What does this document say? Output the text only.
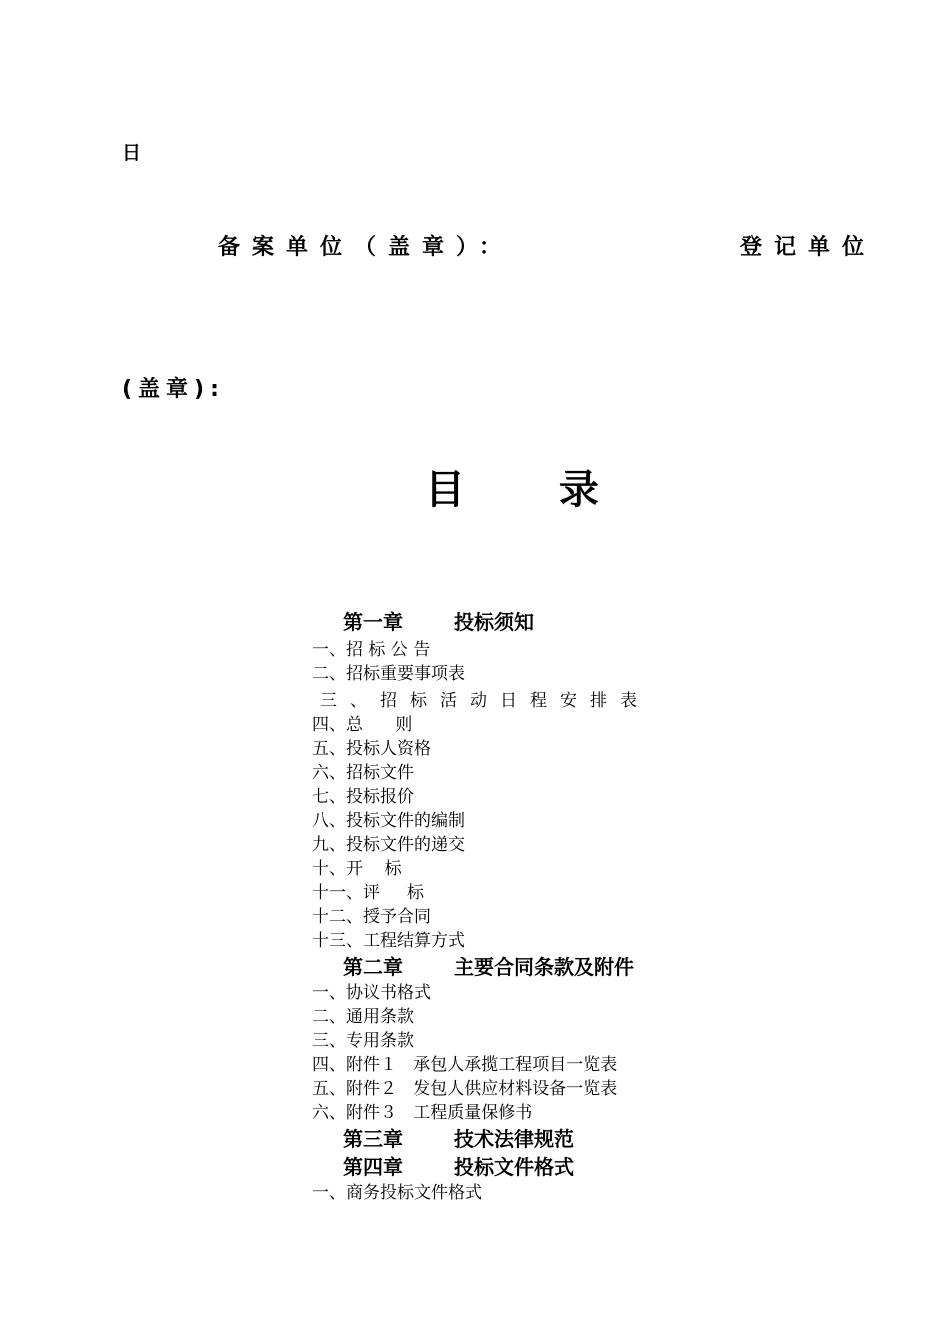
日
备案单位（盖章）：	登记单位
(盖章):
目 录
第一章	投标须知
一、招 标 公 告
二、招标重要事项表
三、招标活动日程安排表
四、总      则
五、投标人资格
六、招标文件
七、投标报价
八、投标文件的编制
九、投标文件的递交
十、开    标
十一、评     标
十二、授予合同
十三、工程结算方式
第二章	主要合同条款及附件
一、协议书格式
二、通用条款
三、专用条款
四、附件１   承包人承揽工程项目一览表
五、附件２   发包人供应材料设备一览表
六、附件３   工程质量保修书
第三章	技术法律规范
第四章	投标文件格式
一、商务投标文件格式
